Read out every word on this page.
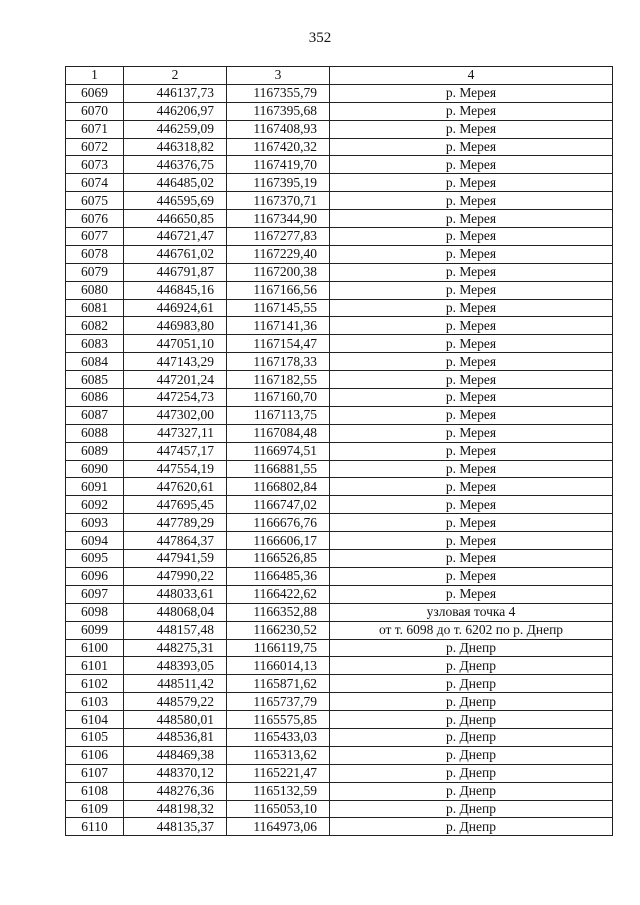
352
1	2	3	4
6069	446137,73	1167355,79	р. Мерея
6070	446206,97	1167395,68	р. Мерея
6071	446259,09	1167408,93	р. Мерея
6072	446318,82	1167420,32	р. Мерея
6073	446376,75	1167419,70	р. Мерея
6074	446485,02	1167395,19	р. Мерея
6075	446595,69	1167370,71	р. Мерея
6076	446650,85	1167344,90	р. Мерея
6077	446721,47	1167277,83	р. Мерея
6078	446761,02	1167229,40	р. Мерея
6079	446791,87	1167200,38	р. Мерея
6080	446845,16	1167166,56	р. Мерея
6081	446924,61	1167145,55	р. Мерея
6082	446983,80	1167141,36	р. Мерея
6083	447051,10	1167154,47	р. Мерея
6084	447143,29	1167178,33	р. Мерея
6085	447201,24	1167182,55	р. Мерея
6086	447254,73	1167160,70	р. Мерея
6087	447302,00	1167113,75	р. Мерея
6088	447327,11	1167084,48	р. Мерея
6089	447457,17	1166974,51	р. Мерея
6090	447554,19	1166881,55	р. Мерея
6091	447620,61	1166802,84	р. Мерея
6092	447695,45	1166747,02	р. Мерея
6093	447789,29	1166676,76	р. Мерея
6094	447864,37	1166606,17	р. Мерея
6095	447941,59	1166526,85	р. Мерея
6096	447990,22	1166485,36	р. Мерея
6097	448033,61	1166422,62	р. Мерея
6098	448068,04	1166352,88	узловая точка 4
6099	448157,48	1166230,52	от т. 6098 до т. 6202 по р. Днепр
6100	448275,31	1166119,75	р. Днепр
6101	448393,05	1166014,13	р. Днепр
6102	448511,42	1165871,62	р. Днепр
6103	448579,22	1165737,79	р. Днепр
6104	448580,01	1165575,85	р. Днепр
6105	448536,81	1165433,03	р. Днепр
6106	448469,38	1165313,62	р. Днепр
6107	448370,12	1165221,47	р. Днепр
6108	448276,36	1165132,59	р. Днепр
6109	448198,32	1165053,10	р. Днепр
6110	448135,37	1164973,06	р. Днепр
